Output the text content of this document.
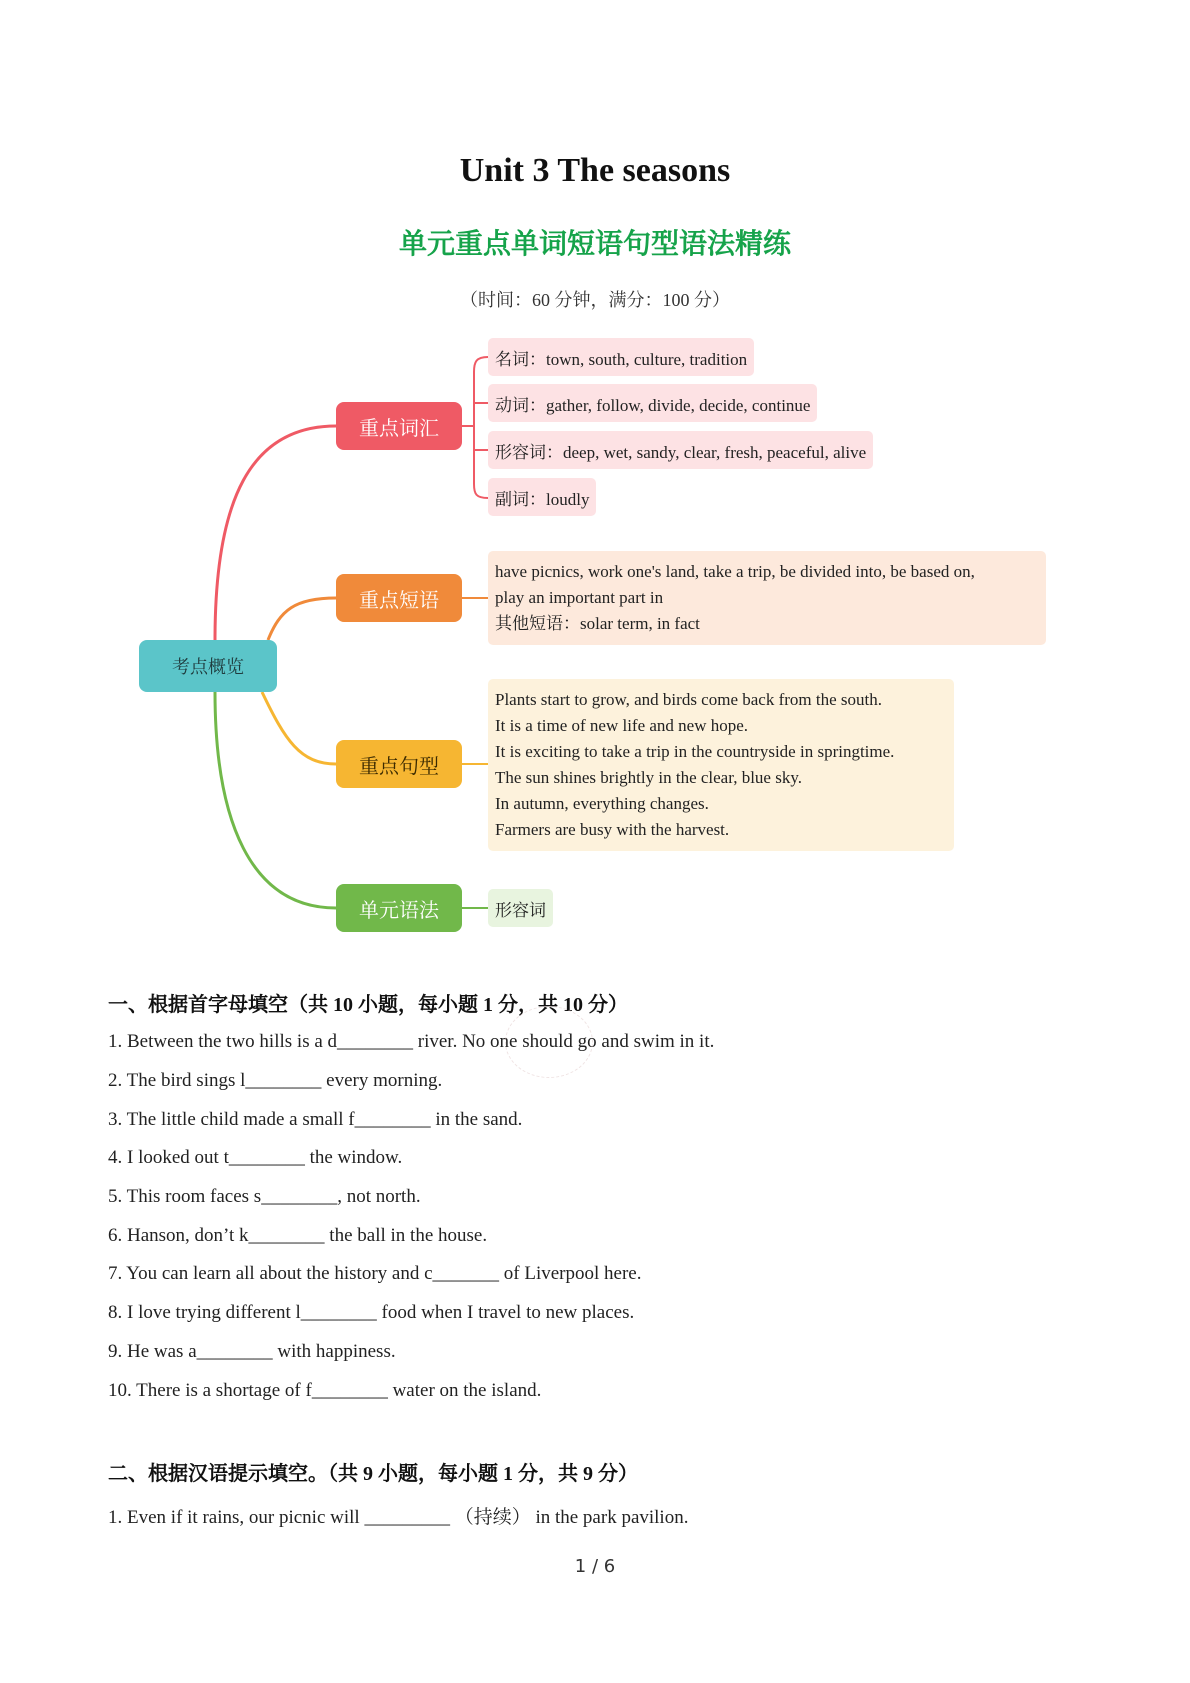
Unit 3 The seasons
单元重点单词短语句型语法精练
（时间：60 分钟，满分：100 分）
考点概览
重点词汇
重点短语
重点句型
单元语法
名词：town, south, culture, tradition
动词：gather, follow, divide, decide, continue
形容词：deep, wet, sandy, clear, fresh, peaceful, alive
副词：loudly
have picnics, work one's land, take a trip, be divided into, be based on,
play an important part in
其他短语：solar term, in fact
Plants start to grow, and birds come back from the south.
It is a time of new life and new hope.
It is exciting to take a trip in the countryside in springtime.
The sun shines brightly in the clear, blue sky.
In autumn, everything changes.
Farmers are busy with the harvest.
形容词
一、根据首字母填空（共 10 小题，每小题 1 分，共 10 分）
1. Between the two hills is a d________ river. No one should go and swim in it.
2. The bird sings l________ every morning.
3. The little child made a small f________ in the sand.
4. I looked out t________ the window.
5. This room faces s________, not north.
6. Hanson, don’t k________ the ball in the house.
7. You can learn all about the history and c_______ of Liverpool here.
8. I love trying different l________ food when I travel to new places.
9. He was a________ with happiness.
10. There is a shortage of f________ water on the island.
二、根据汉语提示填空。（共 9 小题，每小题 1 分，共 9 分）
1. Even if it rains, our picnic will _________ （持续） in the park pavilion.
1 / 6
